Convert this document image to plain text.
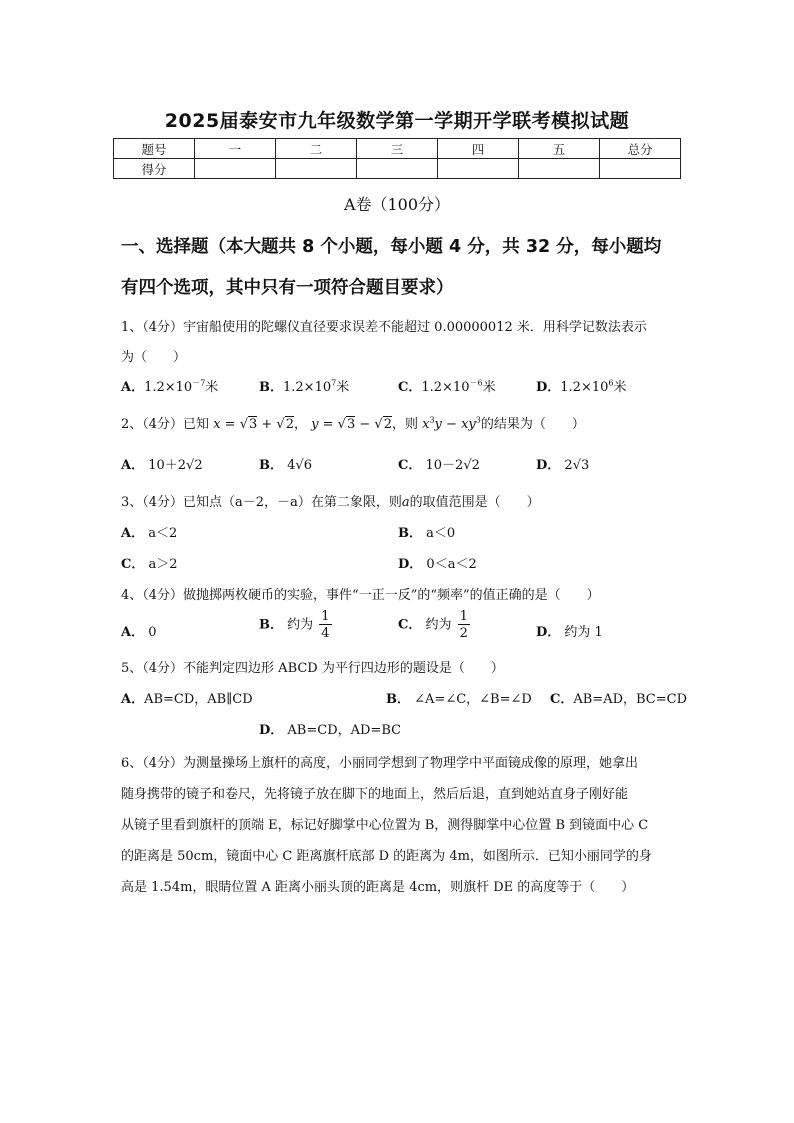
2025届泰安市九年级数学第一学期开学联考模拟试题
题号	一	二	三	四	五	总分
得分						
A卷（100分）
一、选择题（本大题共 8 个小题，每小题 4 分，共 32 分，每小题均
有四个选项，其中只有一项符合题目要求）
1、（4分）宇宙船使用的陀螺仪直径要求误差不能超过 0.00000012 米．用科学记数法表示
为（　　）
A．$1.2\times 10^{-7}$米	B．$1.2\times 10^7$米	C．$1.2\times 10^{-6}$米	D．$1.2\times 10^6$米
2、（4分）已知 x = √3 + √2， y = √3 − √2，则 $x^3y - xy^3$的结果为（　　）
A． 10＋2√2	B． 4√6	C． 10－2√2	D． 2√3
3、（4分）已知点（a－2，－a）在第二象限，则a的取值范围是（　　）
A． a＜2	B． a＜0
C． a＞2	D． 0＜a＜2
4、（4分）做抛掷两枚硬币的实验，事件“一正一反”的“频率”的值正确的是（　　）
A． 0	B． 约为 $\frac{1}{4}$	C． 约为 $\frac{1}{2}$	D． 约为 1
5、（4分）不能判定四边形 ABCD 为平行四边形的题设是（　　）
A．AB=CD，AB∥CD	B． ∠A=∠C，∠B=∠D C．AB=AD，BC=CD
D． AB=CD，AD=BC
6、（4分）为测量操场上旗杆的高度，小丽同学想到了物理学中平面镜成像的原理，她拿出
随身携带的镜子和卷尺，先将镜子放在脚下的地面上，然后后退，直到她站直身子刚好能
从镜子里看到旗杆的顶端 E，标记好脚掌中心位置为 B，测得脚掌中心位置 B 到镜面中心 C
的距离是 50cm，镜面中心 C 距离旗杆底部 D 的距离为 4m，如图所示．已知小丽同学的身
高是 1.54m，眼睛位置 A 距离小丽头顶的距离是 4cm，则旗杆 DE 的高度等于（　　）
